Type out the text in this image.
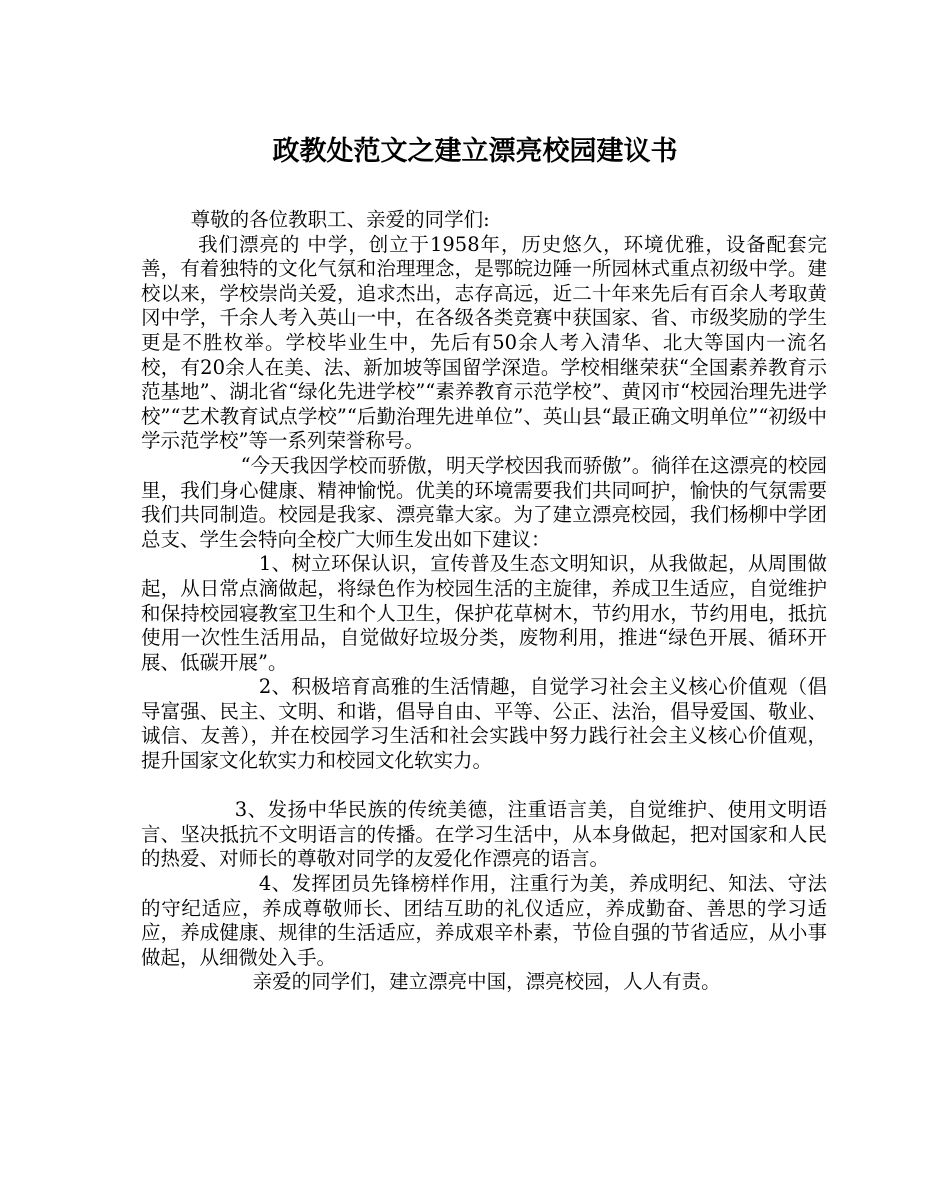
政教处范文之建立漂亮校园建议书

尊敬的各位教职工、亲爱的同学们:

我们漂亮的 中学，创立于1958年，历史悠久，环境优雅，设备配套完善，有着独特的文化气氛和治理理念，是鄂皖边陲一所园林式重点初级中学。建校以来，学校崇尚关爱，追求杰出，志存高远，近二十年来先后有百余人考取黄冈中学，千余人考入英山一中，在各级各类竞赛中获国家、省、市级奖励的学生更是不胜枚举。学校毕业生中，先后有50余人考入清华、北大等国内一流名校，有20余人在美、法、新加坡等国留学深造。学校相继荣获“全国素养教育示范基地”、湖北省“绿化先进学校”“素养教育示范学校”、黄冈市“校园治理先进学校”“艺术教育试点学校”“后勤治理先进单位”、英山县“最正确文明单位”“初级中学示范学校”等一系列荣誉称号。

“今天我因学校而骄傲，明天学校因我而骄傲”。徜徉在这漂亮的校园里，我们身心健康、精神愉悦。优美的环境需要我们共同呵护，愉快的气氛需要我们共同制造。校园是我家、漂亮靠大家。为了建立漂亮校园，我们杨柳中学团总支、学生会特向全校广大师生发出如下建议：

1、树立环保认识，宣传普及生态文明知识，从我做起，从周围做起，从日常点滴做起，将绿色作为校园生活的主旋律，养成卫生适应，自觉维护和保持校园寝教室卫生和个人卫生，保护花草树木，节约用水，节约用电，抵抗使用一次性生活用品，自觉做好垃圾分类，废物利用，推进“绿色开展、循环开展、低碳开展”。

2、积极培育高雅的生活情趣，自觉学习社会主义核心价值观（倡导富强、民主、文明、和谐，倡导自由、平等、公正、法治，倡导爱国、敬业、诚信、友善），并在校园学习生活和社会实践中努力践行社会主义核心价值观，提升国家文化软实力和校园文化软实力。

3、发扬中华民族的传统美德，注重语言美，自觉维护、使用文明语言、坚决抵抗不文明语言的传播。在学习生活中，从本身做起，把对国家和人民的热爱、对师长的尊敬对同学的友爱化作漂亮的语言。

4、发挥团员先锋榜样作用，注重行为美，养成明纪、知法、守法的守纪适应，养成尊敬师长、团结互助的礼仪适应，养成勤奋、善思的学习适应，养成健康、规律的生活适应，养成艰辛朴素，节俭自强的节省适应，从小事做起，从细微处入手。

亲爱的同学们，建立漂亮中国，漂亮校园，人人有责。
